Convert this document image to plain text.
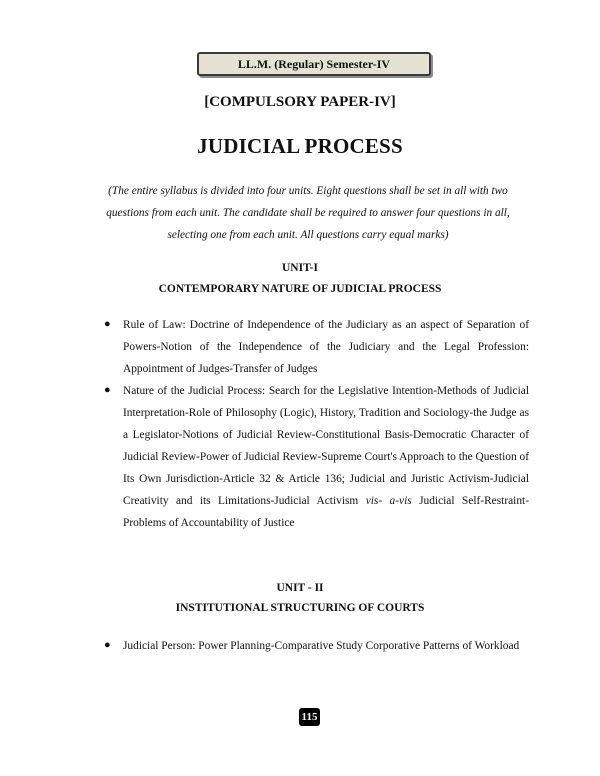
LL.M. (Regular) Semester-IV
[COMPULSORY PAPER-IV]
JUDICIAL PROCESS
(The entire syllabus is divided into four units. Eight questions shall be set in all with two
questions from each unit. The candidate shall be required to answer four questions in all,
selecting one from each unit. All questions carry equal marks)
UNIT-I
CONTEMPORARY NATURE OF JUDICIAL PROCESS
● Rule of Law: Doctrine of Independence of the Judiciary as an aspect of Separation of Powers-Notion of the Independence of the Judiciary and the Legal Profession: Appointment of Judges-Transfer of Judges
● Nature of the Judicial Process: Search for the Legislative Intention-Methods of Judicial Interpretation-Role of Philosophy (Logic), History, Tradition and Sociology-the Judge as a Legislator-Notions of Judicial Review-Constitutional Basis-Democratic Character of Judicial Review-Power of Judicial Review-Supreme Court's Approach to the Question of Its Own Jurisdiction-Article 32 & Article 136; Judicial and Juristic Activism-Judicial Creativity and its Limitations-Judicial Activism vis- a-vis Judicial Self-Restraint-Problems of Accountability of Justice
UNIT - II
INSTITUTIONAL STRUCTURING OF COURTS
● Judicial Person: Power Planning-Comparative Study Corporative Patterns of Workload
115
